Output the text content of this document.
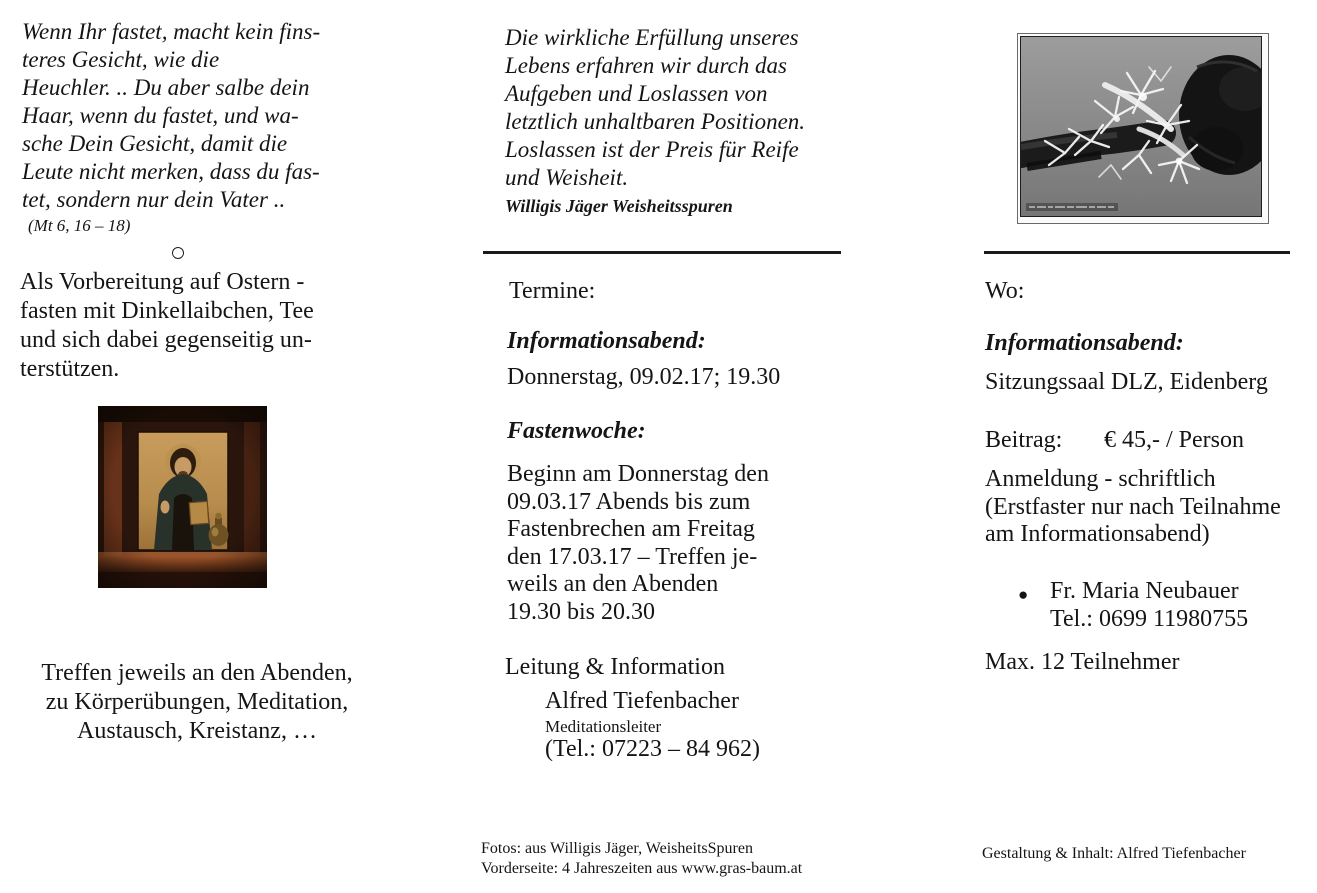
Wenn Ihr fastet, macht kein fins-
teres Gesicht, wie die
Heuchler. .. Du aber salbe dein
Haar, wenn du fastet, und wa-
sche Dein Gesicht, damit die
Leute nicht merken, dass du fas-
tet, sondern nur dein Vater ..
(Mt 6, 16 – 18)
Als Vorbereitung auf Ostern -
fasten mit Dinkellaibchen, Tee
und sich dabei gegenseitig un-
terstützen.
Treffen jeweils an den Abenden,
zu Körperübungen, Meditation,
Austausch, Kreistanz, …
Die wirkliche Erfüllung unseres
Lebens erfahren wir durch das
Aufgeben und Loslassen von
letztlich unhaltbaren Positionen.
Loslassen ist der Preis für Reife
und Weisheit.
Willigis Jäger Weisheitsspuren
Termine:
Informationsabend:
Donnerstag, 09.02.17; 19.30
Fastenwoche:
Beginn am Donnerstag den
09.03.17 Abends bis zum
Fastenbrechen am Freitag
den 17.03.17 – Treffen je-
weils an den Abenden
19.30 bis 20.30
Leitung & Information
Alfred Tiefenbacher
Meditationsleiter
(Tel.: 07223 – 84 962)
Fotos: aus Willigis Jäger, WeisheitsSpuren
Vorderseite: 4 Jahreszeiten aus www.gras-baum.at
Wo:
Informationsabend:
Sitzungssaal DLZ, Eidenberg
Beitrag: € 45,- / Person
Anmeldung - schriftlich
(Erstfaster nur nach Teilnahme
am Informationsabend)
● Fr. Maria Neubauer
Tel.: 0699 11980755
Max. 12 Teilnehmer
Gestaltung & Inhalt: Alfred Tiefenbacher
